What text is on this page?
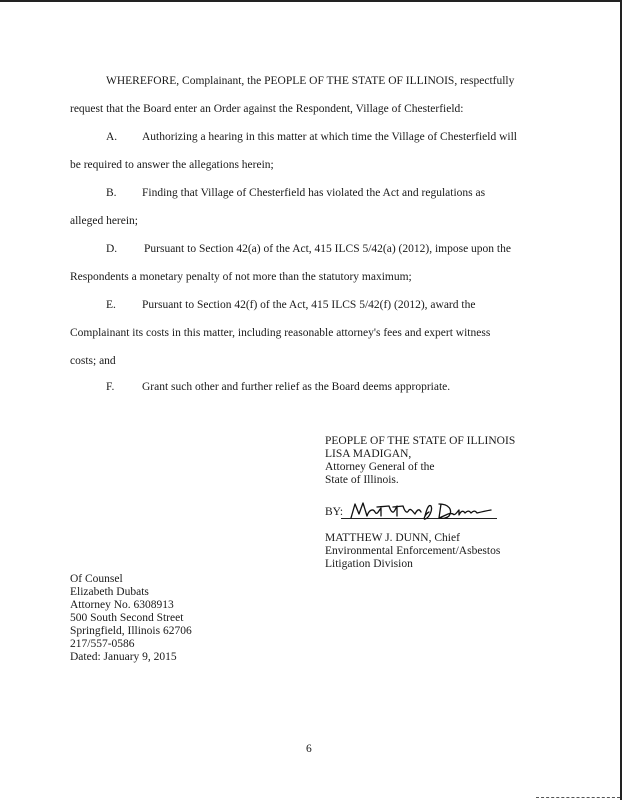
WHEREFORE, Complainant, the PEOPLE OF THE STATE OF ILLINOIS, respectfully
request that the Board enter an Order against the Respondent, Village of Chesterfield:
A. Authorizing a hearing in this matter at which time the Village of Chesterfield will
be required to answer the allegations herein;
B. Finding that Village of Chesterfield has violated the Act and regulations as
alleged herein;
D. Pursuant to Section 42(a) of the Act, 415 ILCS 5/42(a) (2012), impose upon the
Respondents a monetary penalty of not more than the statutory maximum;
E. Pursuant to Section 42(f) of the Act, 415 ILCS 5/42(f) (2012), award the
Complainant its costs in this matter, including reasonable attorney's fees and expert witness
costs; and
F. Grant such other and further relief as the Board deems appropriate.
PEOPLE OF THE STATE OF ILLINOIS
LISA MADIGAN,
Attorney General of the
State of Illinois.
BY:
MATTHEW J. DUNN, Chief
Environmental Enforcement/Asbestos
Litigation Division
Of Counsel
Elizabeth Dubats
Attorney No. 6308913
500 South Second Street
Springfield, Illinois 62706
217/557-0586
Dated: January 9, 2015
6
